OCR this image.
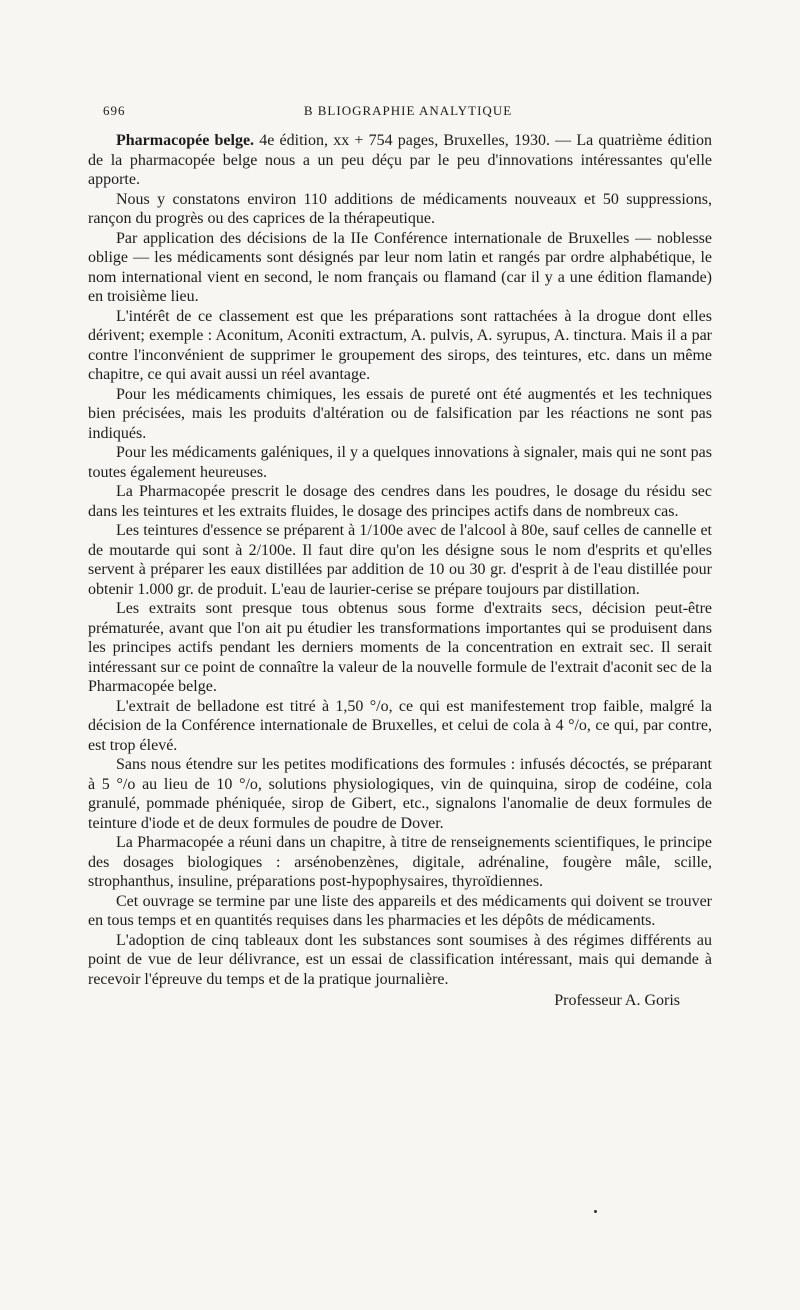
696	B BLIOGRAPHIE ANALYTIQUE

Pharmacopée belge. 4e édition, xx + 754 pages, Bruxelles, 1930. — La quatrième édition de la pharmacopée belge nous a un peu déçu par le peu d'innovations intéressantes qu'elle apporte.

Nous y constatons environ 110 additions de médicaments nouveaux et 50 suppressions, rançon du progrès ou des caprices de la thérapeutique.

Par application des décisions de la IIe Conférence internationale de Bruxelles — noblesse oblige — les médicaments sont désignés par leur nom latin et rangés par ordre alphabétique, le nom international vient en second, le nom français ou flamand (car il y a une édition flamande) en troisième lieu.

L'intérêt de ce classement est que les préparations sont rattachées à la drogue dont elles dérivent; exemple : Aconitum, Aconiti extractum, A. pulvis, A. syrupus, A. tinctura. Mais il a par contre l'inconvénient de supprimer le groupement des sirops, des teintures, etc. dans un même chapitre, ce qui avait aussi un réel avantage.

Pour les médicaments chimiques, les essais de pureté ont été augmentés et les techniques bien précisées, mais les produits d'altération ou de falsification par les réactions ne sont pas indiqués.

Pour les médicaments galéniques, il y a quelques innovations à signaler, mais qui ne sont pas toutes également heureuses.

La Pharmacopée prescrit le dosage des cendres dans les poudres, le dosage du résidu sec dans les teintures et les extraits fluides, le dosage des principes actifs dans de nombreux cas.

Les teintures d'essence se préparent à 1/100e avec de l'alcool à 80e, sauf celles de cannelle et de moutarde qui sont à 2/100e. Il faut dire qu'on les désigne sous le nom d'esprits et qu'elles servent à préparer les eaux distillées par addition de 10 ou 30 gr. d'esprit à de l'eau distillée pour obtenir 1.000 gr. de produit. L'eau de laurier-cerise se prépare toujours par distillation.

Les extraits sont presque tous obtenus sous forme d'extraits secs, décision peut-être prématurée, avant que l'on ait pu étudier les transformations importantes qui se produisent dans les principes actifs pendant les derniers moments de la concentration en extrait sec. Il serait intéressant sur ce point de connaître la valeur de la nouvelle formule de l'extrait d'aconit sec de la Pharmacopée belge.

L'extrait de belladone est titré à 1,50 °/o, ce qui est manifestement trop faible, malgré la décision de la Conférence internationale de Bruxelles, et celui de cola à 4 °/o, ce qui, par contre, est trop élevé.

Sans nous étendre sur les petites modifications des formules : infusés décoctés, se préparant à 5 °/o au lieu de 10 °/o, solutions physiologiques, vin de quinquina, sirop de codéine, cola granulé, pommade phéniquée, sirop de Gibert, etc., signalons l'anomalie de deux formules de teinture d'iode et de deux formules de poudre de Dover.

La Pharmacopée a réuni dans un chapitre, à titre de renseignements scientifiques, le principe des dosages biologiques : arsénobenzènes, digitale, adrénaline, fougère mâle, scille, strophanthus, insuline, préparations post-hypophysaires, thyroïdiennes.

Cet ouvrage se termine par une liste des appareils et des médicaments qui doivent se trouver en tous temps et en quantités requises dans les pharmacies et les dépôts de médicaments.

L'adoption de cinq tableaux dont les substances sont soumises à des régimes différents au point de vue de leur délivrance, est un essai de classification intéressant, mais qui demande à recevoir l'épreuve du temps et de la pratique journalière.

Professeur A. Goris
